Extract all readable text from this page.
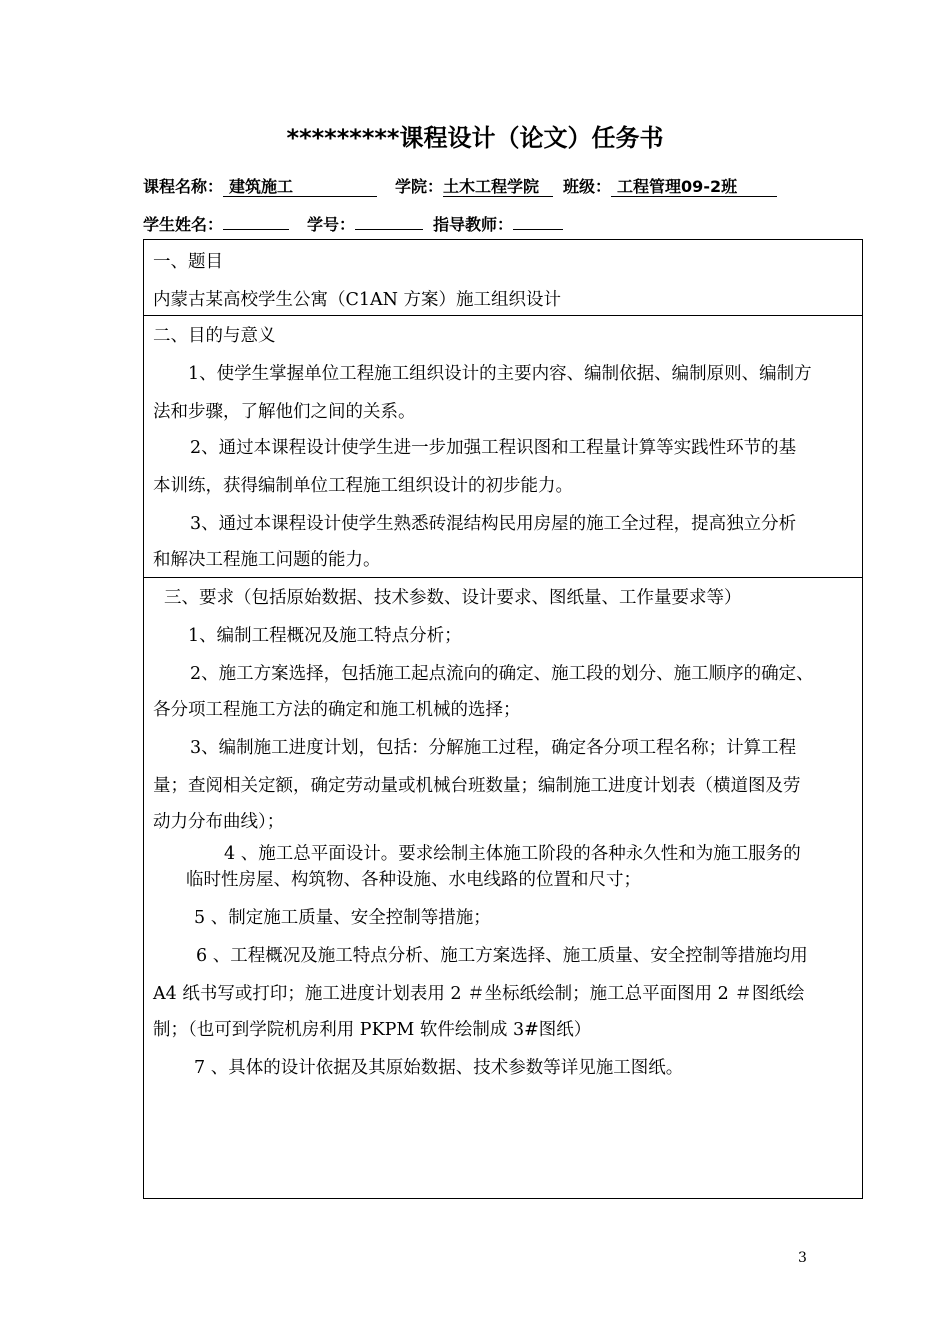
*********课程设计（论文）任务书
课程名称： 建筑施工	学院：土木工程学院 班级： 工程管理09-2班
学生姓名：	学号：	指导教师：
一、题目
内蒙古某高校学生公寓（C1AN 方案）施工组织设计
二、目的与意义
1、使学生掌握单位工程施工组织设计的主要内容、编制依据、编制原则、编制方
法和步骤，了解他们之间的关系。
2、通过本课程设计使学生进一步加强工程识图和工程量计算等实践性环节的基
本训练，获得编制单位工程施工组织设计的初步能力。
3、通过本课程设计使学生熟悉砖混结构民用房屋的施工全过程，提高独立分析
和解决工程施工问题的能力。
三、要求（包括原始数据、技术参数、设计要求、图纸量、工作量要求等）
1、编制工程概况及施工特点分析；
2、施工方案选择，包括施工起点流向的确定、施工段的划分、施工顺序的确定、
各分项工程施工方法的确定和施工机械的选择；
3、编制施工进度计划，包括：分解施工过程，确定各分项工程名称；计算工程
量；查阅相关定额，确定劳动量或机械台班数量；编制施工进度计划表（横道图及劳
动力分布曲线）；
4 、施工总平面设计。要求绘制主体施工阶段的各种永久性和为施工服务的
临时性房屋、构筑物、各种设施、水电线路的位置和尺寸；
5 、制定施工质量、安全控制等措施；
6 、工程概况及施工特点分析、施工方案选择、施工质量、安全控制等措施均用
A4 纸书写或打印；施工进度计划表用 2 ＃坐标纸绘制；施工总平面图用 2 ＃图纸绘
制；（也可到学院机房利用 PKPM 软件绘制成 3#图纸）
7 、具体的设计依据及其原始数据、技术参数等详见施工图纸。
3
